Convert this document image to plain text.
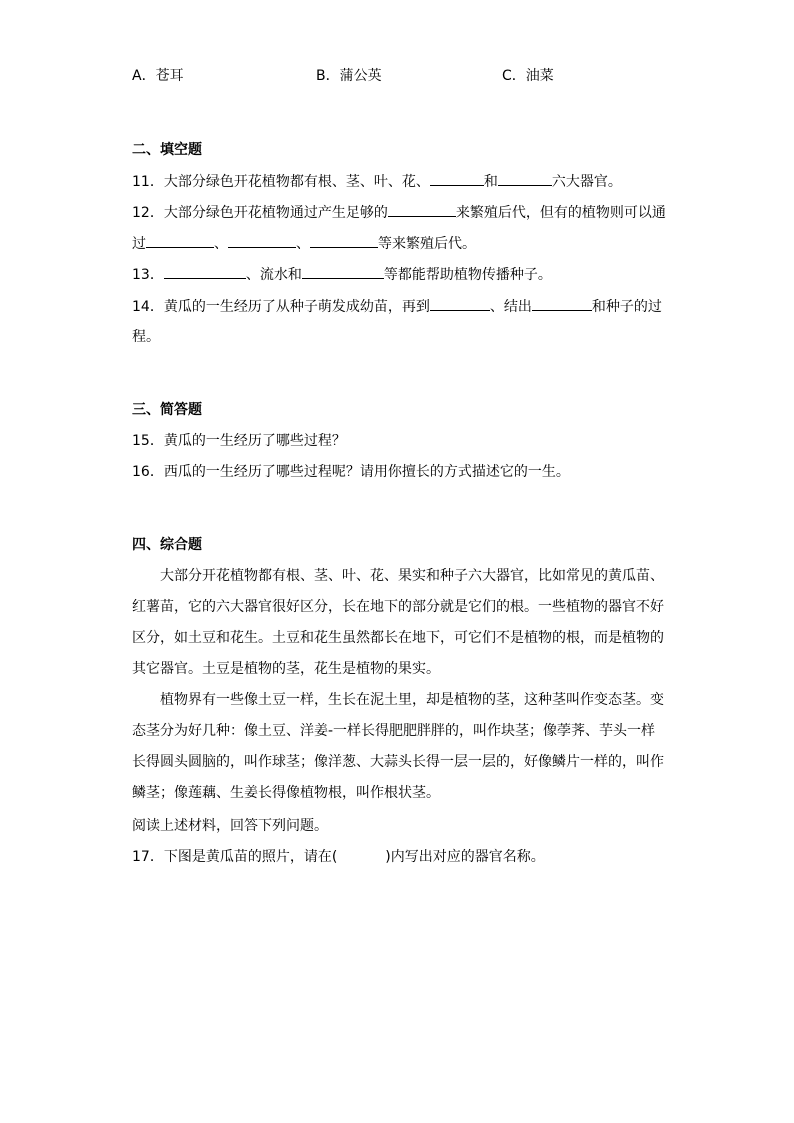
A．苍耳	B．蒲公英	C．油菜
二、填空题
11．大部分绿色开花植物都有根、茎、叶、花、	和	六大器官。
12．大部分绿色开花植物通过产生足够的	来繁殖后代，但有的植物则可以通
过	、	、	等来繁殖后代。
13．	、流水和	等都能帮助植物传播种子。
14．黄瓜的一生经历了从种子萌发成幼苗，再到	、结出	和种子的过
程。
三、简答题
15．黄瓜的一生经历了哪些过程？
16．西瓜的一生经历了哪些过程呢？请用你擅长的方式描述它的一生。
四、综合题
大部分开花植物都有根、茎、叶、花、果实和种子六大器官，比如常见的黄瓜苗、
红薯苗，它的六大器官很好区分，长在地下的部分就是它们的根。一些植物的器官不好
区分，如土豆和花生。土豆和花生虽然都长在地下，可它们不是植物的根，而是植物的
其它器官。土豆是植物的茎，花生是植物的果实。
植物界有一些像土豆一样，生长在泥土里，却是植物的茎，这种茎叫作变态茎。变
态茎分为好几种：像土豆、洋姜-一样长得肥肥胖胖的，叫作块茎；像荸荠、芋头一样
长得圆头圆脑的，叫作球茎；像洋葱、大蒜头长得一层一层的，好像鳞片一样的，叫作
鳞茎；像莲藕、生姜长得像植物根，叫作根状茎。
阅读上述材料，回答下列问题。
17．下图是黄瓜苗的照片，请在(	)内写出对应的器官名称。
